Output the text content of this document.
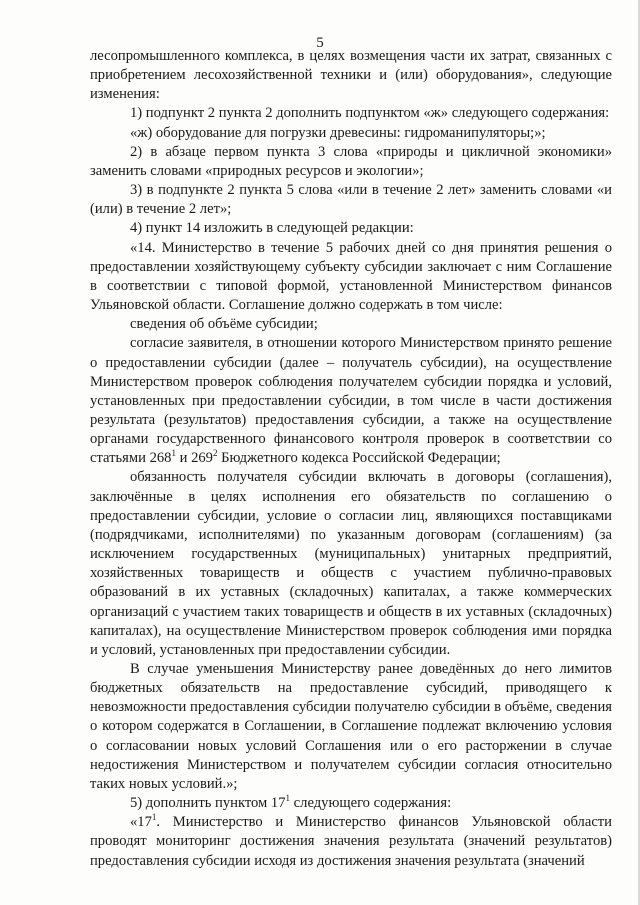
5

лесопромышленного комплекса, в целях возмещения части их затрат, связанных с приобретением лесохозяйственной техники и (или) оборудования», следующие изменения:

1) подпункт 2 пункта 2 дополнить подпунктом «ж» следующего содержания:

«ж) оборудование для погрузки древесины: гидроманипуляторы;»;

2) в абзаце первом пункта 3 слова «природы и цикличной экономики» заменить словами «природных ресурсов и экологии»;

3) в подпункте 2 пункта 5 слова «или в течение 2 лет» заменить словами «и (или) в течение 2 лет»;

4) пункт 14 изложить в следующей редакции:

«14. Министерство в течение 5 рабочих дней со дня принятия решения о предоставлении хозяйствующему субъекту субсидии заключает с ним Соглашение в соответствии с типовой формой, установленной Министерством финансов Ульяновской области. Соглашение должно содержать в том числе:

сведения об объёме субсидии;

согласие заявителя, в отношении которого Министерством принято решение о предоставлении субсидии (далее – получатель субсидии), на осуществление Министерством проверок соблюдения получателем субсидии порядка и условий, установленных при предоставлении субсидии, в том числе в части достижения результата (результатов) предоставления субсидии, а также на осуществление органами государственного финансового контроля проверок в соответствии со статьями $268^1$ и $269^2$ Бюджетного кодекса Российской Федерации;

обязанность получателя субсидии включать в договоры (соглашения), заключённые в целях исполнения его обязательств по соглашению о предоставлении субсидии, условие о согласии лиц, являющихся поставщиками (подрядчиками, исполнителями) по указанным договорам (соглашениям) (за исключением государственных (муниципальных) унитарных предприятий, хозяйственных товариществ и обществ с участием публично-правовых образований в их уставных (складочных) капиталах, а также коммерческих организаций с участием таких товариществ и обществ в их уставных (складочных) капиталах), на осуществление Министерством проверок соблюдения ими порядка и условий, установленных при предоставлении субсидии.

В случае уменьшения Министерству ранее доведённых до него лимитов бюджетных обязательств на предоставление субсидий, приводящего к невозможности предоставления субсидии получателю субсидии в объёме, сведения о котором содержатся в Соглашении, в Соглашение подлежат включению условия о согласовании новых условий Соглашения или о его расторжении в случае недостижения Министерством и получателем субсидии согласия относительно таких новых условий.»;

5) дополнить пунктом $17^1$ следующего содержания:

«$17^1$. Министерство и Министерство финансов Ульяновской области проводят мониторинг достижения значения результата (значений результатов) предоставления субсидии исходя из достижения значения результата (значений
